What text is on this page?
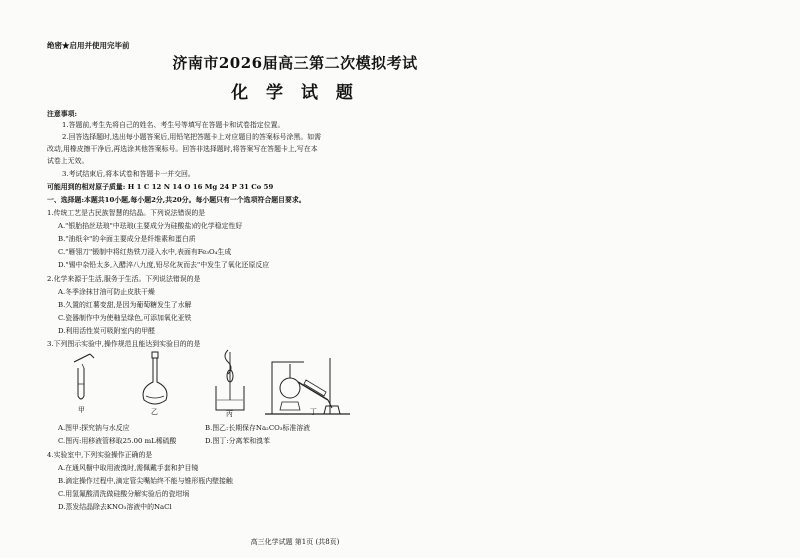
绝密★启用并使用完毕前
济南市2026届高三第二次模拟考试
化 学 试 题
注意事项:
1.答题前,考生先将自己的姓名、考生号等填写在答题卡和试卷指定位置。
2.回答选择题时,选出每小题答案后,用铅笔把答题卡上对应题目的答案标号涂黑。如需
改动,用橡皮擦干净后,再选涂其他答案标号。回答非选择题时,将答案写在答题卡上,写在本
试卷上无效。
3.考试结束后,将本试卷和答题卡一并交回。
可能用到的相对原子质量: H 1 C 12 N 14 O 16 Mg 24 P 31 Co 59
一、选择题:本题共10小题,每小题2分,共20分。每小题只有一个选项符合题目要求。
1.传统工艺是古民族智慧的结晶。下列说法错误的是
A."银胎掐丝珐琅"中珐琅(主要成分为硅酸盐)的化学稳定性好
B."油纸伞"的伞面主要成分是纤维素和蛋白质
C."雁翎刀"锻制中将红热铁刀浸入水中,表面有Fe₃O₄生成
D."锡中杂铅太多,入醋淬八九度,铅尽化灰而去"中发生了氧化还原反应
2.化学来源于生活,服务于生活。下列说法错误的是
A.冬季涂抹甘油可防止皮肤干燥
B.久置的红薯变甜,是因为葡萄糖发生了水解
C.瓷器制作中为使釉呈绿色,可添加氧化亚铁
D.利用活性炭可吸附室内的甲醛
3.下列图示实验中,操作规范且能达到实验目的的是
甲	乙	丙	丁
A.图甲:探究钠与水反应	B.图乙:长期保存Na₂CO₃标准溶液
C.图丙:用移液管移取25.00 mL稀硫酸	D.图丁:分离苯和溴苯
4.实验室中,下列实验操作正确的是
A.在通风橱中取用液溴时,需佩戴手套和护目镜
B.滴定操作过程中,滴定管尖嘴始终不能与锥形瓶内壁接触
C.用氢氟酸清洗做硅酸分解实验后的瓷坩埚
D.蒸发结晶除去KNO₃溶液中的NaCl
高三化学试题 第1页 (共8页)
